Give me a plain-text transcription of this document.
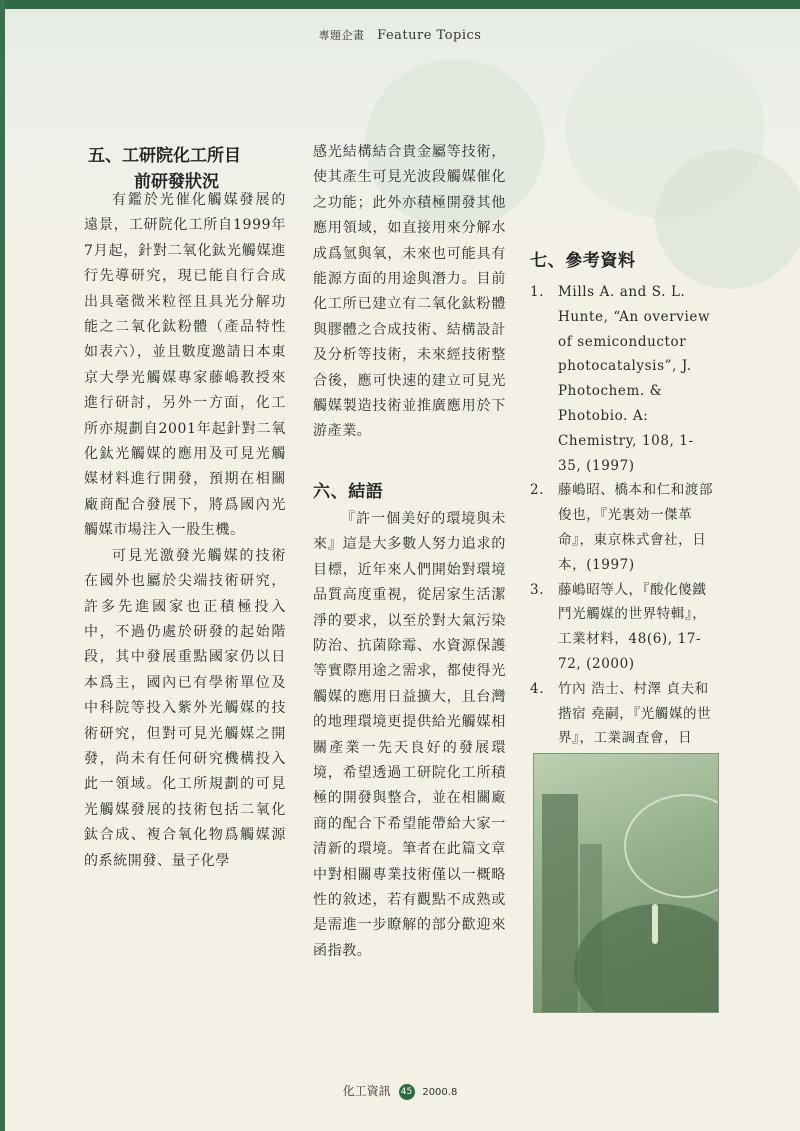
專題企畫 Feature Topics
五、工研院化工所目
前研發狀況

有鑑於光催化觸媒發展的遠景，工研院化工所自1999年7月起，針對二氧化鈦光觸媒進行先導研究，現已能自行合成出具毫微米粒徑且具光分解功能之二氧化鈦粉體（產品特性如表六），並且數度邀請日本東京大學光觸媒專家藤嶋教授來進行研討，另外一方面，化工所亦規劃自2001年起針對二氧化鈦光觸媒的應用及可見光觸媒材料進行開發，預期在相關廠商配合發展下，將爲國內光觸媒市場注入一股生機。

可見光激發光觸媒的技術在國外也屬於尖端技術研究，許多先進國家也正積極投入中，不過仍處於研發的起始階段，其中發展重點國家仍以日本爲主，國內已有學術單位及中科院等投入紫外光觸媒的技術研究，但對可見光觸媒之開發，尚未有任何研究機構投入此一領域。化工所規劃的可見光觸媒發展的技術包括二氧化鈦合成、複合氧化物爲觸媒源的系統開發、量子化學

感光結構結合貴金屬等技術，使其產生可見光波段觸媒催化之功能；此外亦積極開發其他應用領域，如直接用來分解水成爲氫與氧，未來也可能具有能源方面的用途與潛力。目前化工所已建立有二氧化鈦粉體與膠體之合成技術、結構設計及分析等技術，未來經技術整合後，應可快速的建立可見光觸媒製造技術並推廣應用於下游產業。

六、結語

『許一個美好的環境與未來』這是大多數人努力追求的目標，近年來人們開始對環境品質高度重視，從居家生活潔淨的要求，以至於對大氣污染防治、抗菌除霉、水資源保護等實際用途之需求，都使得光觸媒的應用日益擴大，且台灣的地理環境更提供給光觸媒相關產業一先天良好的發展環境，希望透過工研院化工所積極的開發與整合，並在相關廠商的配合下希望能帶給大家一清新的環境。筆者在此篇文章中對相關專業技術僅以一概略性的敘述，若有觀點不成熟或是需進一步瞭解的部分歡迎來函指教。

七、參考資料

1. Mills A. and S. L. Hunte, “An overview of semiconductor photocatalysis”, J. Photochem. & Photobio. A: Chemistry, 108, 1-35, (1997)
2. 藤嶋昭、橋本和仁和渡部俊也，『光裏効一傑革命』，東京株式會社，日本，(1997)
3. 藤嶋昭等人，『酸化傻鐵鬥光觸媒的世界特輯』，工業材料，48(6), 17-72, (2000)
4. 竹內 浩士、村澤 貞夫和揩宿 堯嗣，『光觸媒的世界』，工業調査會，日
化工資訊 45 2000.8
